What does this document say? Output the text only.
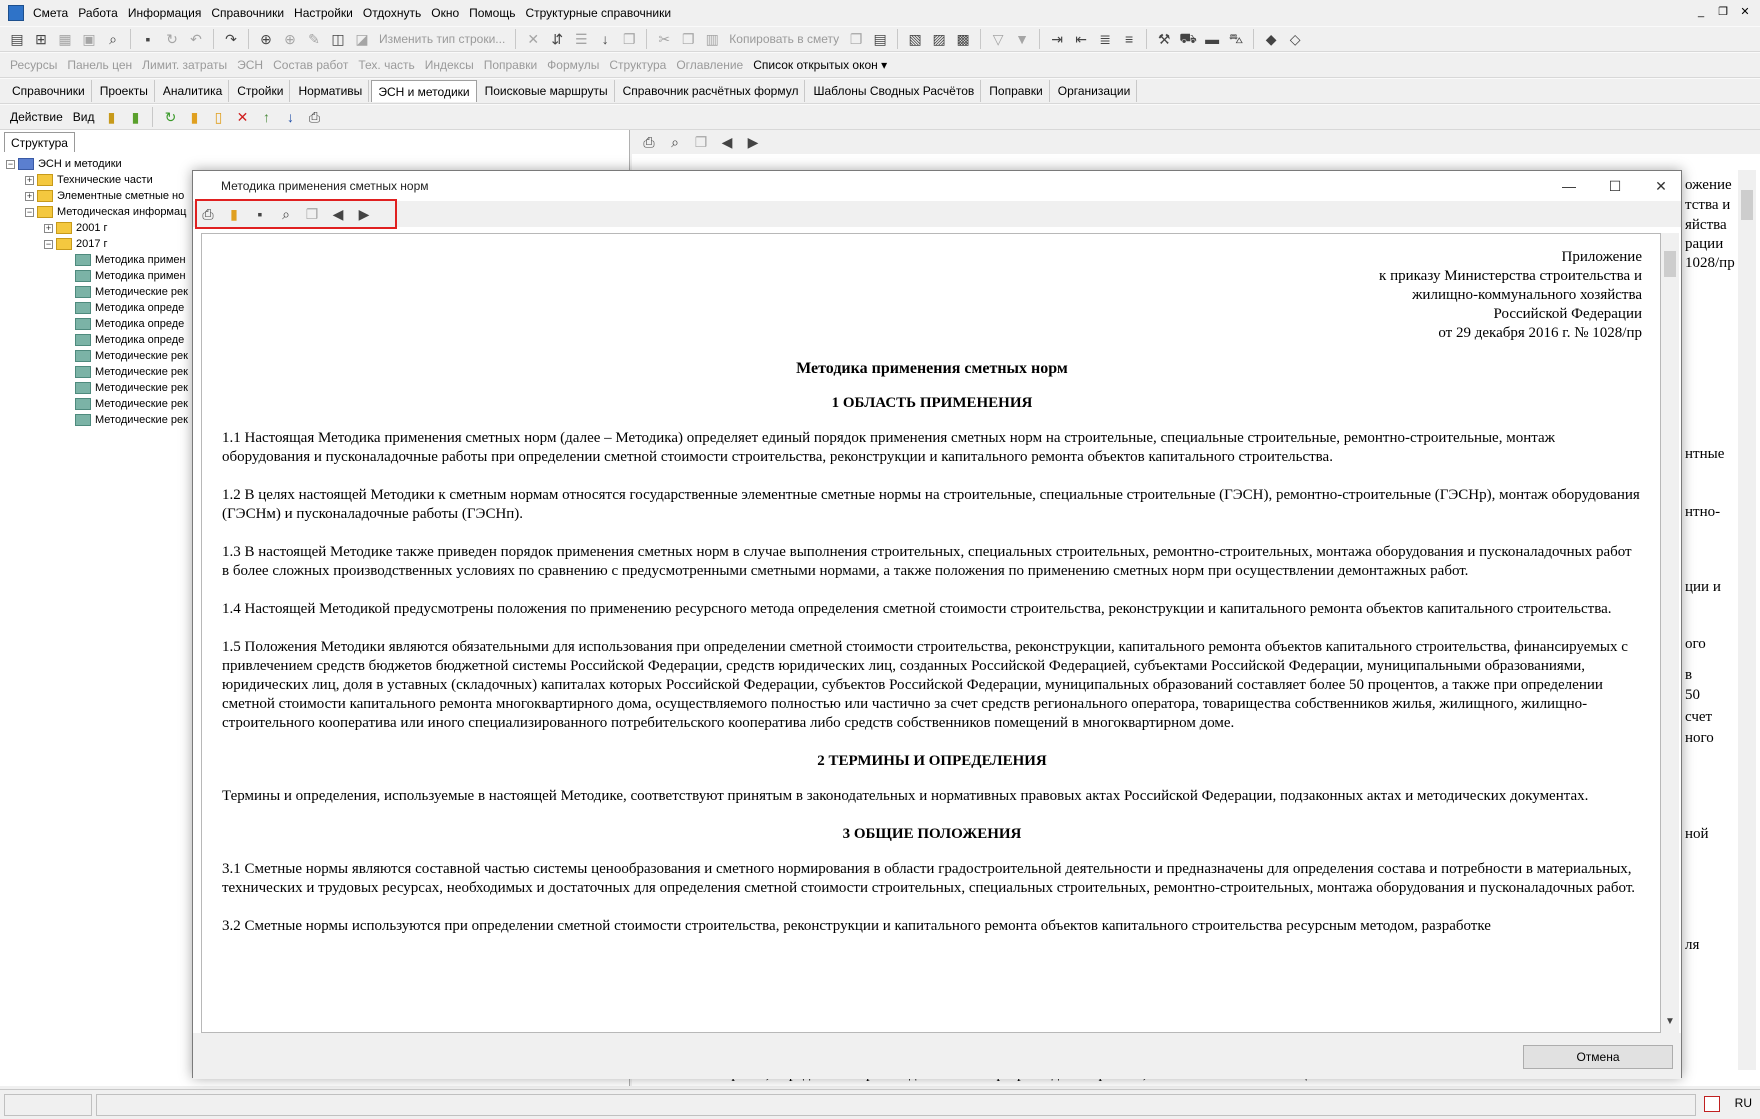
Смета Работа Информация Справочники Настройки Отдохнуть Окно Помощь Структурные справочники	_	❐	✕
▤ ⊞ ▦ ▣ ⌕	▪	↻ ↶	↷	⊕ ⊕ ✎ ◫ ◪ Изменить тип строки...	✕ ⇵ ☰	↓	❐	✂ ❐ ▥ Копировать в смету ❐ ▤	▧ ▨ ▩	▽ ▼	⇥ ⇤ ≣	≡	⚒ ⛟ ▬ ⛍	◆ ◇
Ресурсы Панель цен Лимит. затраты ЭСН Состав работ Тех. часть Индексы Поправки Формулы Структура Оглавление Список открытых окон ▾
Справочники	Проекты	Аналитика	Стройки	Нормативы	ЭСН и методики	Поисковые маршруты	Справочник расчётных формул	Шаблоны Сводных Расчётов	Поправки	Организации
Действие Вид ▮	▮	↻	▮	▯	✕	↑	↓	⎙
Структура
− ЭСН и методики
+ Технические части
+ Элементные сметные но
− Методическая информац
+ 2001 г
− 2017 г
Методика примен
Методика примен
Методические рек
Методика опреде
Методика опреде
Методика опреде
Методические рек
Методические рек
Методические рек
Методические рек
Методические рек
⎙	⌕	❐	◀	▶
ожение
тства и
яйства
рации
1028/пр
нтные
нтно-
ции и
ого
в
50
счет
ного
ной
ля
RU
Методика применения сметных норм	—	☐	✕
⎙	▮	▪	⌕	❐	◀	▶
Приложение
к приказу Министерства строительства и
жилищно-коммунального хозяйства
Российской Федерации
от 29 декабря 2016 г. № 1028/пр
Методика применения сметных норм
1 ОБЛАСТЬ ПРИМЕНЕНИЯ

1.1 Настоящая Методика применения сметных норм (далее – Методика) определяет единый порядок применения сметных норм на строительные, специальные строительные, ремонтно-строительные, монтаж оборудования и пусконаладочные работы при определении сметной стоимости строительства, реконструкции и капитального ремонта объектов капитального строительства.

1.2 В целях настоящей Методики к сметным нормам относятся государственные элементные сметные нормы на строительные, специальные строительные (ГЭСН), ремонтно-строительные (ГЭСНр), монтаж оборудования (ГЭСНм) и пусконаладочные работы (ГЭСНп).

1.3 В настоящей Методике также приведен порядок применения сметных норм в случае выполнения строительных, специальных строительных, ремонтно-строительных, монтажа оборудования и пусконаладочных работ в более сложных производственных условиях по сравнению с предусмотренными сметными нормами, а также положения по применению сметных норм при осуществлении демонтажных работ.

1.4 Настоящей Методикой предусмотрены положения по применению ресурсного метода определения сметной стоимости строительства, реконструкции и капитального ремонта объектов капитального строительства.

1.5 Положения Методики являются обязательными для использования при определении сметной стоимости строительства, реконструкции, капитального ремонта объектов капитального строительства, финансируемых с привлечением средств бюджетов бюджетной системы Российской Федерации, средств юридических лиц, созданных Российской Федерацией, субъектами Российской Федерации, муниципальными образованиями, юридических лиц, доля в уставных (складочных) капиталах которых Российской Федерации, субъектов Российской Федерации, муниципальных образований составляет более 50 процентов, а также при определении сметной стоимости капитального ремонта многоквартирного дома, осуществляемого полностью или частично за счет средств регионального оператора, товарищества собственников жилья, жилищного, жилищно-строительного кооператива или иного специализированного потребительского кооператива либо средств собственников помещений в многоквартирном доме.

2 ТЕРМИНЫ И ОПРЕДЕЛЕНИЯ

Термины и определения, используемые в настоящей Методике, соответствуют принятым в законодательных и нормативных правовых актах Российской Федерации, подзаконных актах и методических документах.

3 ОБЩИЕ ПОЛОЖЕНИЯ

3.1 Сметные нормы являются составной частью системы ценообразования и сметного нормирования в области градостроительной деятельности и предназначены для определения состава и потребности в материальных, технических и трудовых ресурсах, необходимых и достаточных для определения сметной стоимости строительных, специальных строительных, ремонтно-строительных, монтажа оборудования и пусконаладочных работ.

3.2 Сметные нормы используются при определении сметной стоимости строительства, реконструкции и капитального ремонта объектов капитального строительства ресурсным методом, разработке

▼
Отмена
